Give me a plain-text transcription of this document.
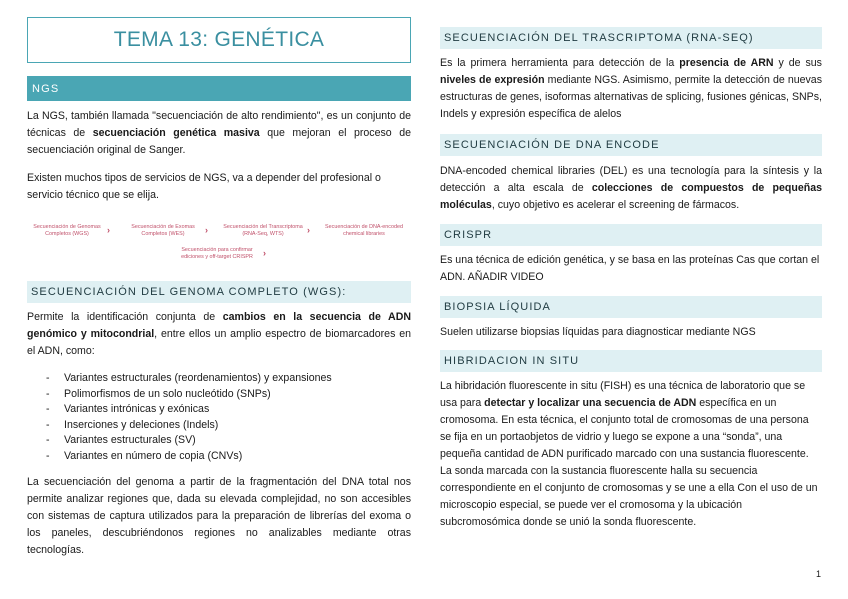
TEMA 13: GENÉTICA
NGS

La NGS, también llamada "secuenciación de alto rendimiento", es un conjunto de técnicas de secuenciación genética masiva que mejoran el proceso de secuenciación original de Sanger.

Existen muchos tipos de servicios de NGS, va a depender del profesional o servicio técnico que se elija.

Secuenciación de Genomas Completos (WGS)	›	Secuenciación de Exomas Completos (WES)	›	Secuenciación del Transcriptoma (RNA-Seq, WTS)	›	Secuenciación de DNA-encoded chemical libraries
Secuenciación para confirmar ediciones y off-target CRISPR	›
SECUENCIACIÓN DEL GENOMA COMPLETO (WGS):

Permite la identificación conjunta de cambios en la secuencia de ADN genómico y mitocondrial, entre ellos un amplio espectro de biomarcadores en el ADN, como:

- Variantes estructurales (reordenamientos) y expansiones
- Polimorfismos de un solo nucleótido (SNPs)
- Variantes intrónicas y exónicas
- Inserciones y deleciones (Indels)
- Variantes estructurales (SV)
- Variantes en número de copia (CNVs)

La secuenciación del genoma a partir de la fragmentación del DNA total nos permite analizar regiones que, dada su elevada complejidad, no son accesibles con sistemas de captura utilizados para la preparación de librerías del exoma o los paneles, descubriéndonos regiones no analizables mediante otras tecnologías.

SECUENCIACIÓN DEL TRASCRIPTOMA (RNA-SEQ)

Es la primera herramienta para detección de la presencia de ARN y de sus niveles de expresión mediante NGS. Asimismo, permite la detección de nuevas estructuras de genes, isoformas alternativas de splicing, fusiones génicas, SNPs, Indels y expresión específica de alelos

SECUENCIACIÓN DE DNA ENCODE

DNA-encoded chemical libraries (DEL) es una tecnología para la síntesis y la detección a alta escala de colecciones de compuestos de pequeñas moléculas, cuyo objetivo es acelerar el screening de fármacos.

CRISPR

Es una técnica de edición genética, y se basa en las proteínas Cas que cortan el ADN. AÑADIR VIDEO

BIOPSIA LÍQUIDA

Suelen utilizarse biopsias líquidas para diagnosticar mediante NGS

HIBRIDACION IN SITU

La hibridación fluorescente in situ (FISH) es una técnica de laboratorio que se usa para detectar y localizar una secuencia de ADN específica en un cromosoma. En esta técnica, el conjunto total de cromosomas de una persona se fija en un portaobjetos de vidrio y luego se expone a una “sonda”, una pequeña cantidad de ADN purificado marcado con una sustancia fluorescente. La sonda marcada con la sustancia fluorescente halla su secuencia correspondiente en el conjunto de cromosomas y se une a ella Con el uso de un microscopio especial, se puede ver el cromosoma y la ubicación subcromosómica donde se unió la sonda fluorescente.

1
